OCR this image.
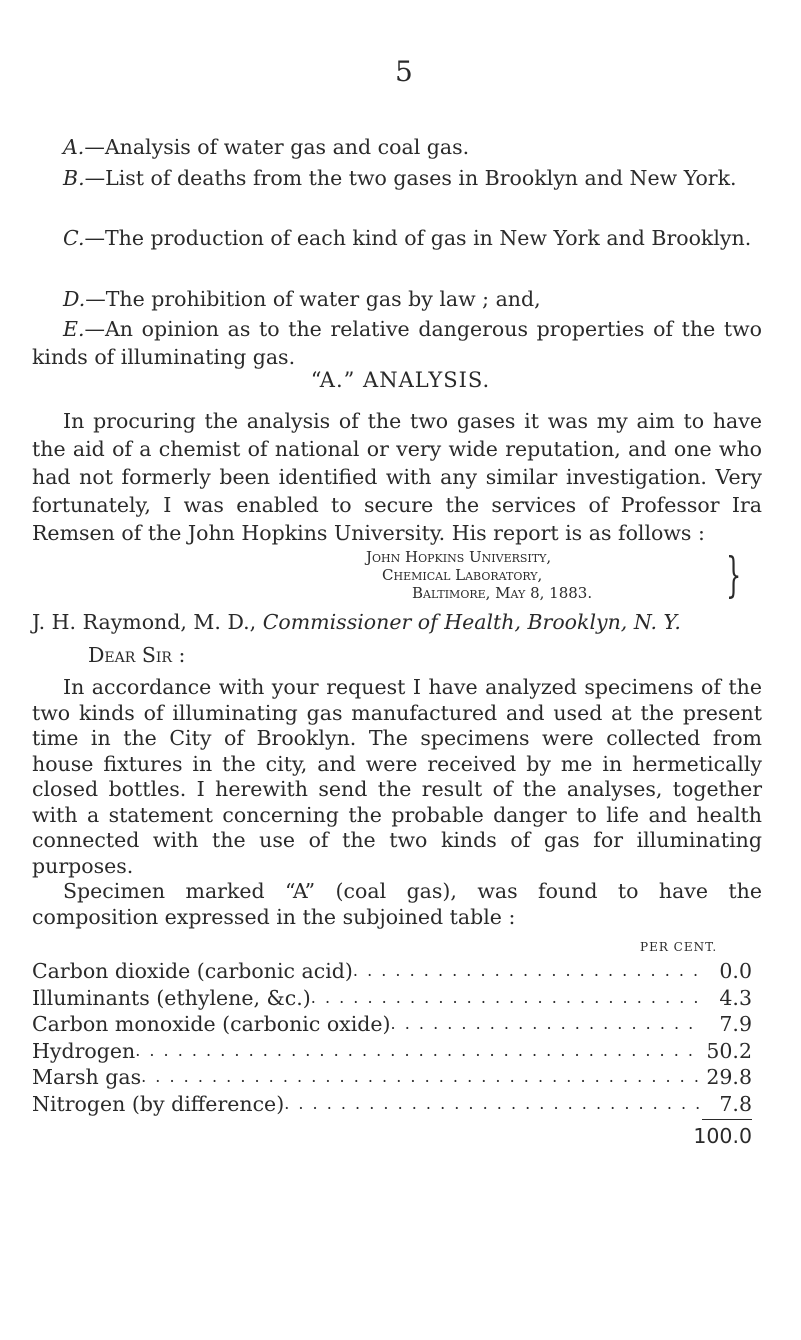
5
A.—Analysis of water gas and coal gas.
B.—List of deaths from the two gases in Brooklyn and New York.
C.—The production of each kind of gas in New York and Brooklyn.
D.—The prohibition of water gas by law ; and,
E.—An opinion as to the relative dangerous properties of the two kinds of illuminating gas.
“A.” ANALYSIS.
In procuring the analysis of the two gases it was my aim to have the aid of a chemist of national or very wide reputation, and one who had not formerly been identified with any similar investigation. Very fortunately, I was enabled to secure the services of Professor Ira Remsen of the John Hopkins University. His report is as follows :
John Hopkins University,
Chemical Laboratory,
Baltimore, May 8, 1883.	}
J. H. Raymond, M. D., Commissioner of Health, Brooklyn, N. Y.
Dear Sir :

In accordance with your request I have analyzed specimens of the two kinds of illuminating gas manufactured and used at the present time in the City of Brooklyn. The specimens were collected from house fixtures in the city, and were received by me in hermetically closed bottles. I herewith send the result of the analyses, together with a statement concerning the probable danger to life and health connected with the use of the two kinds of gas for illuminating purposes.

Specimen marked “A” (coal gas), was found to have the composition expressed in the subjoined table :

PER CENT.
Carbon dioxide (carbonic acid) . . .	0.0
Illuminants (ethylene, &c.) . . .	4.3
Carbon monoxide (carbonic oxide) . . .	7.9
Hydrogen . . .	50.2
Marsh gas . . .	29.8
Nitrogen (by difference) . . .	7.8
100.0
